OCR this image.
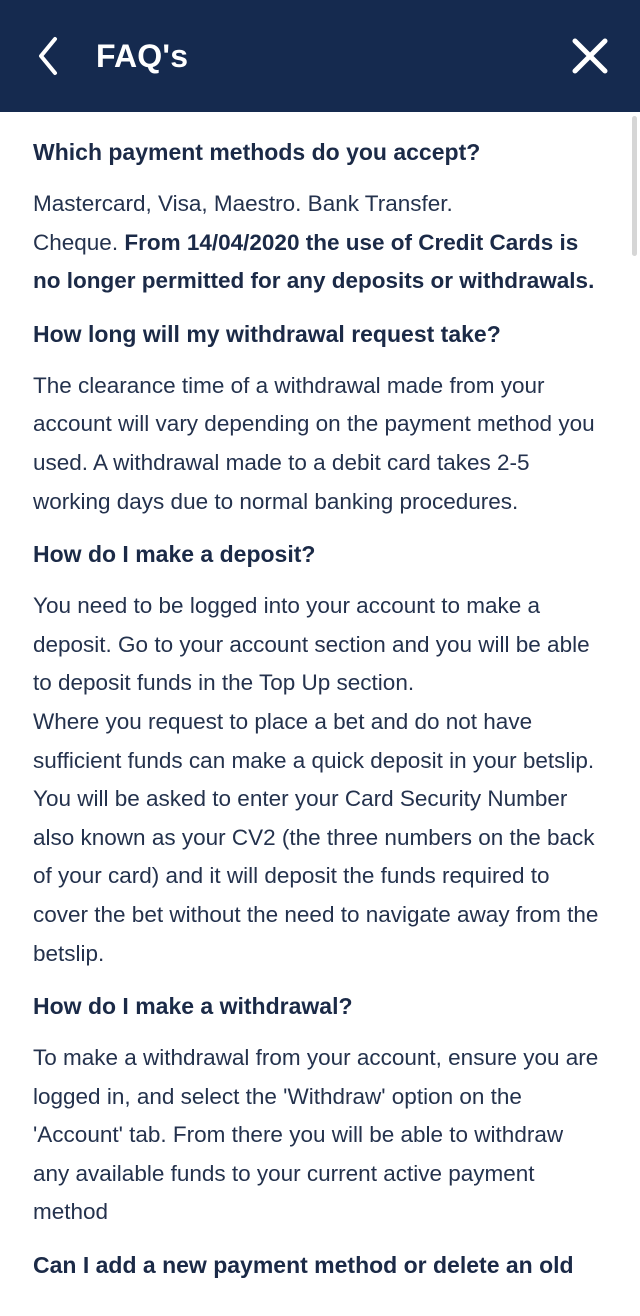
FAQ's
Which payment methods do you accept?

Mastercard, Visa, Maestro. Bank Transfer.
Cheque. From 14/04/2020 the use of Credit Cards is no longer permitted for any deposits or withdrawals.

How long will my withdrawal request take?

The clearance time of a withdrawal made from your account will vary depending on the payment method you used. A withdrawal made to a debit card takes 2-5 working days due to normal banking procedures.

How do I make a deposit?

You need to be logged into your account to make a deposit. Go to your account section and you will be able to deposit funds in the Top Up section.
Where you request to place a bet and do not have sufficient funds can make a quick deposit in your betslip. You will be asked to enter your Card Security Number also known as your CV2 (the three numbers on the back of your card) and it will deposit the funds required to cover the bet without the need to navigate away from the betslip.

How do I make a withdrawal?

To make a withdrawal from your account, ensure you are logged in, and select the 'Withdraw' option on the 'Account' tab. From there you will be able to withdraw any available funds to your current active payment method

Can I add a new payment method or delete an old
